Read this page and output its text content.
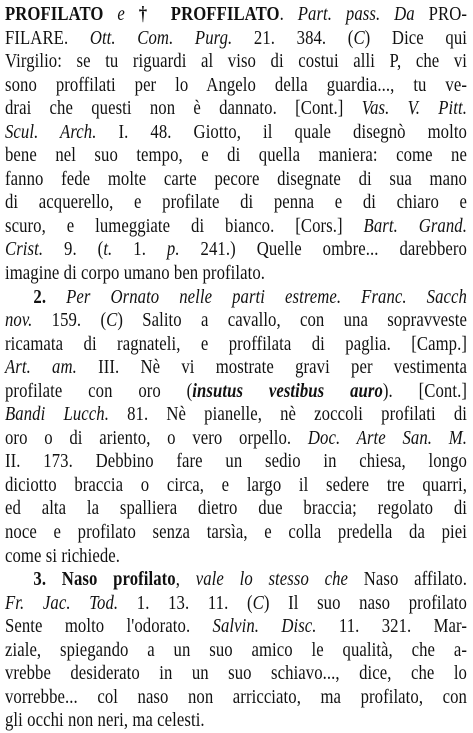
PROFILATO e † PROFFILATO. Part. pass. Da PRO-
FILARE. Ott. Com. Purg. 21. 384. (C) Dice qui
Virgilio: se tu riguardi al viso di costui alli P, che vi
sono proffilati per lo Angelo della guardia..., tu ve-
drai che questi non è dannato. [Cont.] Vas. V. Pitt.
Scul. Arch. I. 48. Giotto, il quale disegnò molto
bene nel suo tempo, e di quella maniera: come ne
fanno fede molte carte pecore disegnate di sua mano
di acquerello, e profilate di penna e di chiaro e
scuro, e lumeggiate di bianco. [Cors.] Bart. Grand.
Crist. 9. (t. 1. p. 241.) Quelle ombre... darebbero
imagine di corpo umano ben profilato.
2. Per Ornato nelle parti estreme. Franc. Sacch
nov. 159. (C) Salito a cavallo, con una sopravveste
ricamata di ragnateli, e proffilata di paglia. [Camp.]
Art. am. III. Nè vi mostrate gravi per vestimenta
profilate con oro (insutus vestibus auro). [Cont.]
Bandi Lucch. 81. Nè pianelle, nè zoccoli profilati di
oro o di ariento, o vero orpello. Doc. Arte San. M.
II. 173. Debbino fare un sedio in chiesa, longo
diciotto braccia o circa, e largo il sedere tre quarri,
ed alta la spalliera dietro due braccia; regolato di
noce e profilato senza tarsìa, e colla predella da piei
come si richiede.
3. Naso profilato, vale lo stesso che Naso affilato.
Fr. Jac. Tod. 1. 13. 11. (C) Il suo naso profilato
Sente molto l'odorato. Salvin. Disc. 11. 321. Mar-
ziale, spiegando a un suo amico le qualità, che a-
vrebbe desiderato in un suo schiavo..., dice, che lo
vorrebbe... col naso non arricciato, ma profilato, con
gli occhi non neri, ma celesti.
